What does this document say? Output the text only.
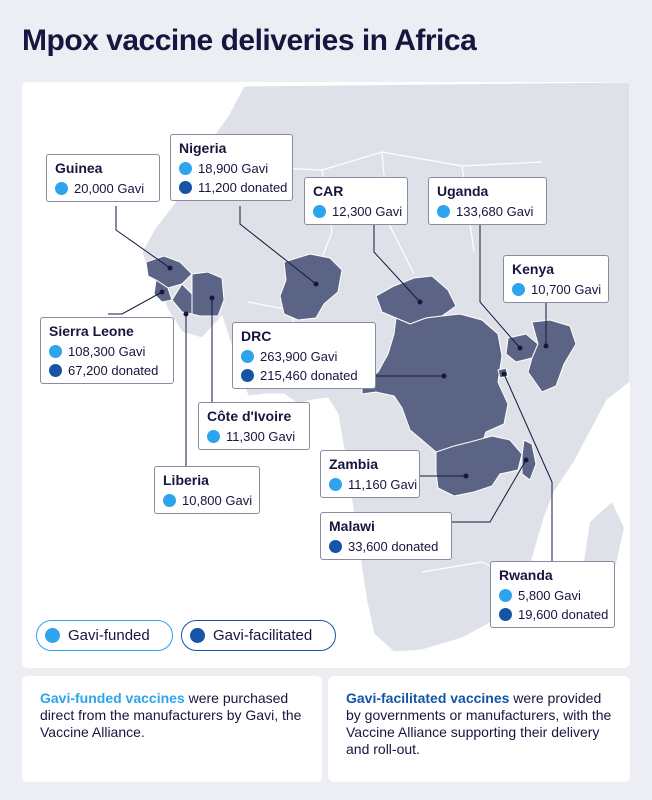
Mpox vaccine deliveries in Africa
Guinea
20,000 Gavi
Nigeria
18,900 Gavi
11,200 donated CAR
12,300 Gavi
Uganda
133,680 Gavi
Kenya
10,700 Gavi
Sierra Leone
108,300 Gavi
67,200 donated
DRC
263,900 Gavi
215,460 donated
Côte d'Ivoire
11,300 Gavi
Liberia
10,800 Gavi
Zambia
11,160 Gavi
Malawi
33,600 donated
Rwanda
5,800 Gavi
19,600 donated
Gavi-funded	Gavi-facilitated
Gavi-funded vaccines were purchased direct from the manufacturers by Gavi, the Vaccine Alliance.
Gavi-facilitated vaccines were provided by governments or manufacturers, with the Vaccine Alliance supporting their delivery and roll-out.
